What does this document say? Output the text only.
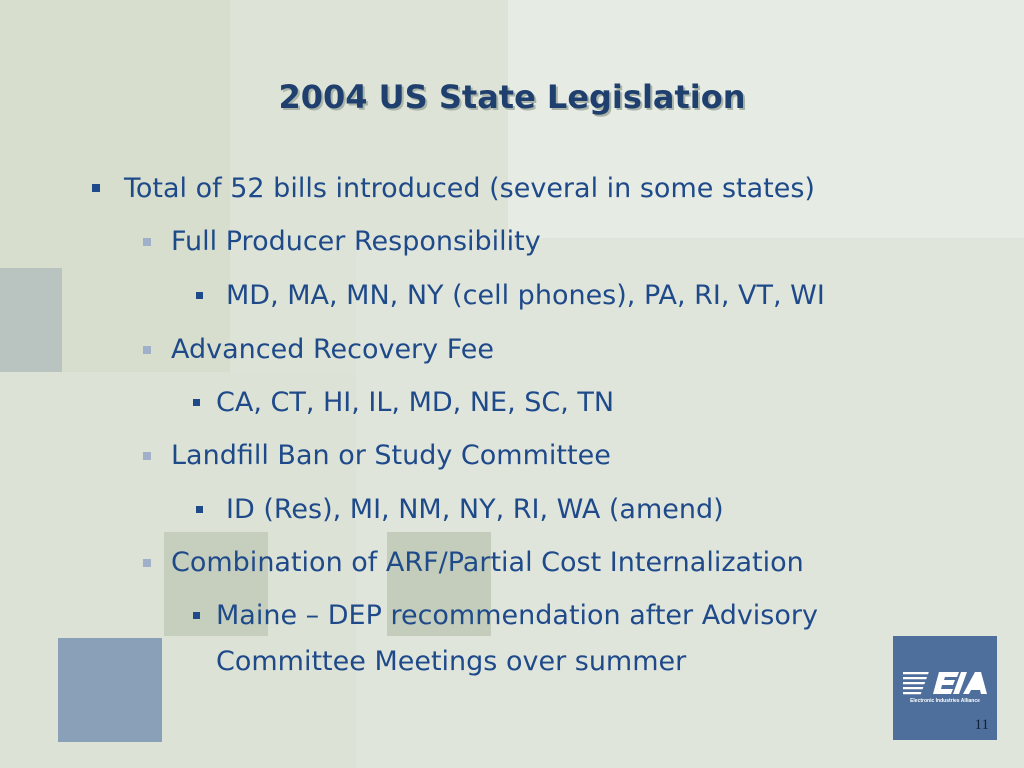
2004 US State Legislation
Total of 52 bills introduced (several in some states)
Full Producer Responsibility
MD, MA, MN, NY (cell phones), PA, RI, VT, WI
Advanced Recovery Fee
CA, CT, HI, IL, MD, NE, SC, TN
Landfill Ban or Study Committee
ID (Res), MI, NM, NY, RI, WA (amend)
Combination of ARF/Partial Cost Internalization
Maine – DEP recommendation after Advisory
Committee Meetings over summer
Electronic Industries Alliance
11
